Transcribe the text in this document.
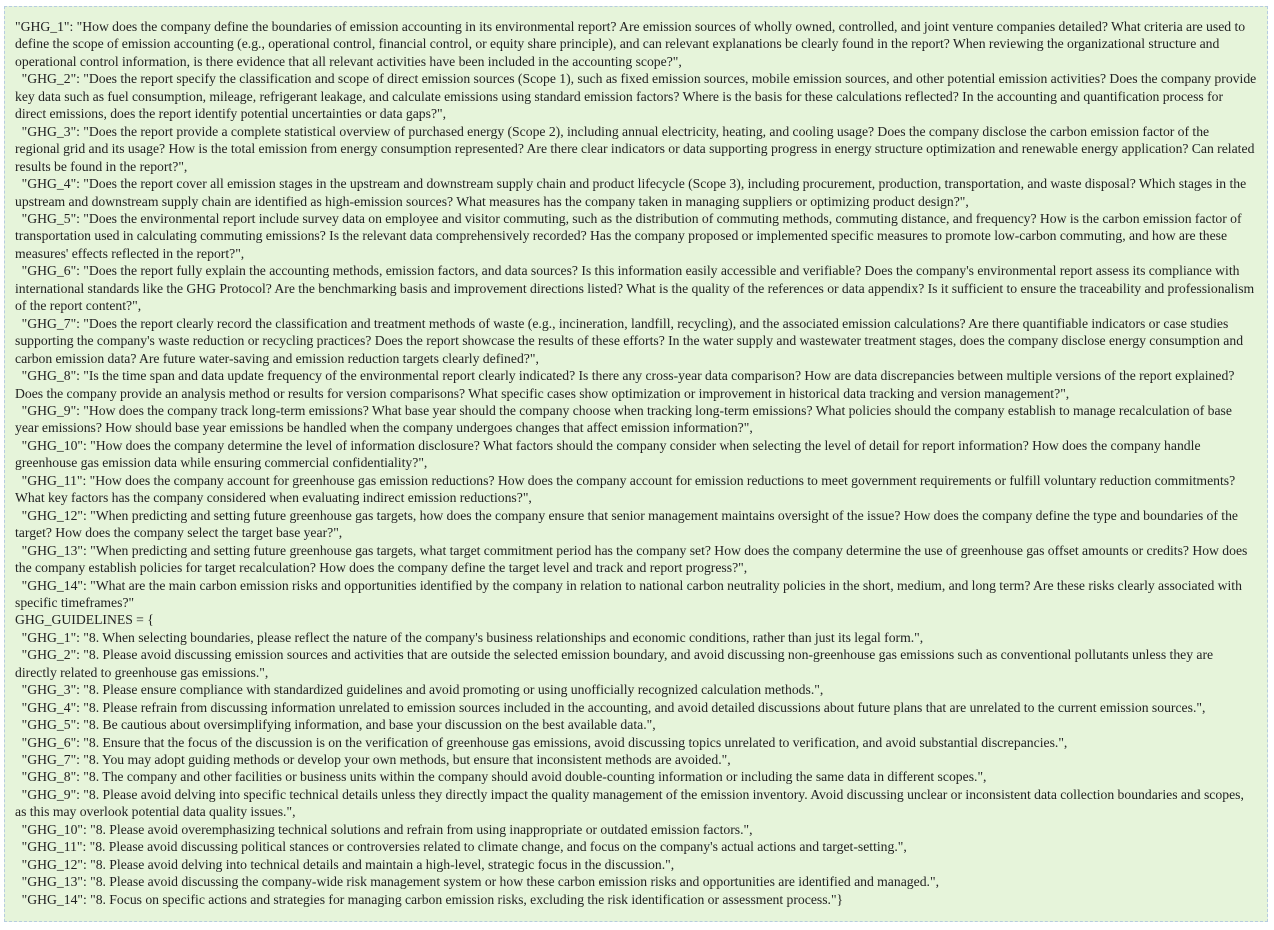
"GHG_1": "How does the company define the boundaries of emission accounting in its environmental report? Are emission sources of wholly owned, controlled, and joint venture companies detailed? What criteria are used to define the scope of emission accounting (e.g., operational control, financial control, or equity share principle), and can relevant explanations be clearly found in the report? When reviewing the organizational structure and operational control information, is there evidence that all relevant activities have been included in the accounting scope?",
"GHG_2": "Does the report specify the classification and scope of direct emission sources (Scope 1), such as fixed emission sources, mobile emission sources, and other potential emission activities? Does the company provide key data such as fuel consumption, mileage, refrigerant leakage, and calculate emissions using standard emission factors? Where is the basis for these calculations reflected? In the accounting and quantification process for direct emissions, does the report identify potential uncertainties or data gaps?",
"GHG_3": "Does the report provide a complete statistical overview of purchased energy (Scope 2), including annual electricity, heating, and cooling usage? Does the company disclose the carbon emission factor of the regional grid and its usage? How is the total emission from energy consumption represented? Are there clear indicators or data supporting progress in energy structure optimization and renewable energy application? Can related results be found in the report?",
"GHG_4": "Does the report cover all emission stages in the upstream and downstream supply chain and product lifecycle (Scope 3), including procurement, production, transportation, and waste disposal? Which stages in the upstream and downstream supply chain are identified as high-emission sources? What measures has the company taken in managing suppliers or optimizing product design?",
"GHG_5": "Does the environmental report include survey data on employee and visitor commuting, such as the distribution of commuting methods, commuting distance, and frequency? How is the carbon emission factor of transportation used in calculating commuting emissions? Is the relevant data comprehensively recorded? Has the company proposed or implemented specific measures to promote low-carbon commuting, and how are these measures' effects reflected in the report?",
"GHG_6": "Does the report fully explain the accounting methods, emission factors, and data sources? Is this information easily accessible and verifiable? Does the company's environmental report assess its compliance with international standards like the GHG Protocol? Are the benchmarking basis and improvement directions listed? What is the quality of the references or data appendix? Is it sufficient to ensure the traceability and professionalism of the report content?",
"GHG_7": "Does the report clearly record the classification and treatment methods of waste (e.g., incineration, landfill, recycling), and the associated emission calculations? Are there quantifiable indicators or case studies supporting the company's waste reduction or recycling practices? Does the report showcase the results of these efforts? In the water supply and wastewater treatment stages, does the company disclose energy consumption and carbon emission data? Are future water-saving and emission reduction targets clearly defined?",
"GHG_8": "Is the time span and data update frequency of the environmental report clearly indicated? Is there any cross-year data comparison? How are data discrepancies between multiple versions of the report explained? Does the company provide an analysis method or results for version comparisons? What specific cases show optimization or improvement in historical data tracking and version management?",
"GHG_9": "How does the company track long-term emissions? What base year should the company choose when tracking long-term emissions? What policies should the company establish to manage recalculation of base year emissions? How should base year emissions be handled when the company undergoes changes that affect emission information?",
"GHG_10": "How does the company determine the level of information disclosure? What factors should the company consider when selecting the level of detail for report information? How does the company handle greenhouse gas emission data while ensuring commercial confidentiality?",
"GHG_11": "How does the company account for greenhouse gas emission reductions? How does the company account for emission reductions to meet government requirements or fulfill voluntary reduction commitments? What key factors has the company considered when evaluating indirect emission reductions?",
"GHG_12": "When predicting and setting future greenhouse gas targets, how does the company ensure that senior management maintains oversight of the issue? How does the company define the type and boundaries of the target? How does the company select the target base year?",
"GHG_13": "When predicting and setting future greenhouse gas targets, what target commitment period has the company set? How does the company determine the use of greenhouse gas offset amounts or credits? How does the company establish policies for target recalculation? How does the company define the target level and track and report progress?",
"GHG_14": "What are the main carbon emission risks and opportunities identified by the company in relation to national carbon neutrality policies in the short, medium, and long term? Are these risks clearly associated with specific timeframes?"
GHG_GUIDELINES = {
"GHG_1": "8. When selecting boundaries, please reflect the nature of the company's business relationships and economic conditions, rather than just its legal form.",
"GHG_2": "8. Please avoid discussing emission sources and activities that are outside the selected emission boundary, and avoid discussing non-greenhouse gas emissions such as conventional pollutants unless they are directly related to greenhouse gas emissions.",
"GHG_3": "8. Please ensure compliance with standardized guidelines and avoid promoting or using unofficially recognized calculation methods.",
"GHG_4": "8. Please refrain from discussing information unrelated to emission sources included in the accounting, and avoid detailed discussions about future plans that are unrelated to the current emission sources.",
"GHG_5": "8. Be cautious about oversimplifying information, and base your discussion on the best available data.",
"GHG_6": "8. Ensure that the focus of the discussion is on the verification of greenhouse gas emissions, avoid discussing topics unrelated to verification, and avoid substantial discrepancies.",
"GHG_7": "8. You may adopt guiding methods or develop your own methods, but ensure that inconsistent methods are avoided.",
"GHG_8": "8. The company and other facilities or business units within the company should avoid double-counting information or including the same data in different scopes.",
"GHG_9": "8. Please avoid delving into specific technical details unless they directly impact the quality management of the emission inventory. Avoid discussing unclear or inconsistent data collection boundaries and scopes, as this may overlook potential data quality issues.",
"GHG_10": "8. Please avoid overemphasizing technical solutions and refrain from using inappropriate or outdated emission factors.",
"GHG_11": "8. Please avoid discussing political stances or controversies related to climate change, and focus on the company's actual actions and target-setting.",
"GHG_12": "8. Please avoid delving into technical details and maintain a high-level, strategic focus in the discussion.",
"GHG_13": "8. Please avoid discussing the company-wide risk management system or how these carbon emission risks and opportunities are identified and managed.",
"GHG_14": "8. Focus on specific actions and strategies for managing carbon emission risks, excluding the risk identification or assessment process."}
